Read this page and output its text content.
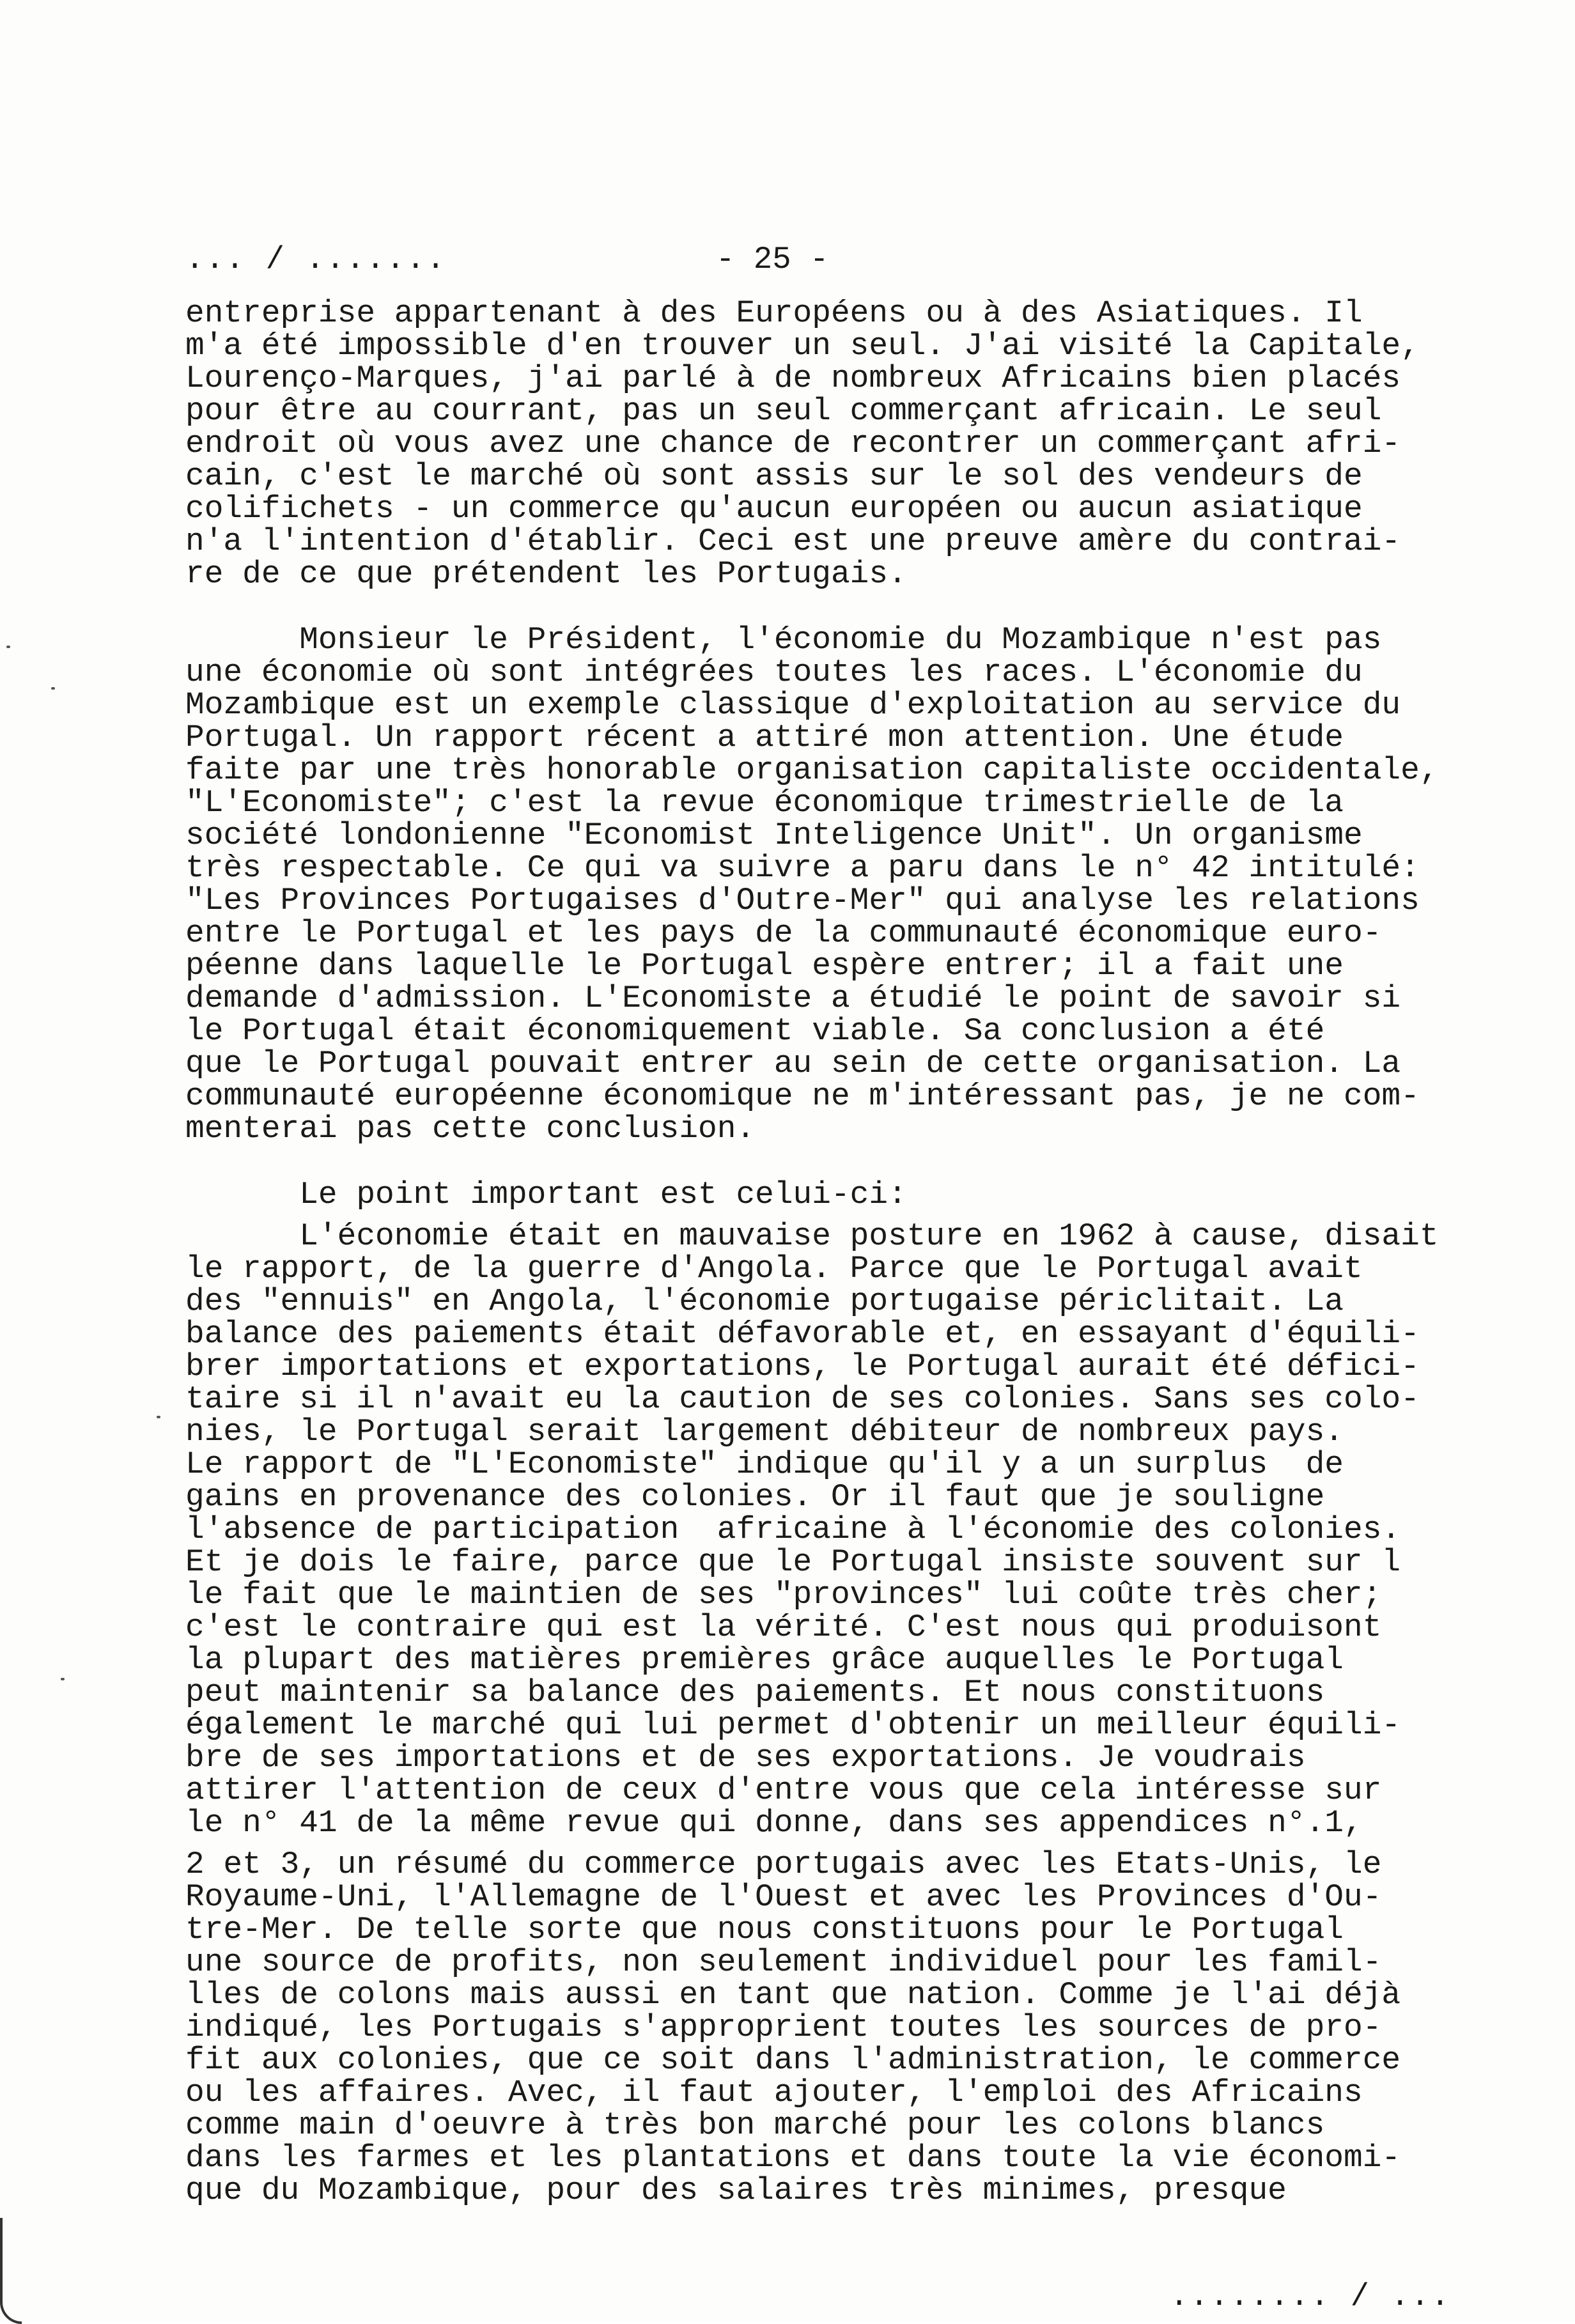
... / .......	- 25 -
entreprise appartenant à des Européens ou à des Asiatiques. Il
m'a été impossible d'en trouver un seul. J'ai visité la Capitale,
Lourenço-Marques, j'ai parlé à de nombreux Africains bien placés
pour être au courrant, pas un seul commerçant africain. Le seul
endroit où vous avez une chance de recontrer un commerçant afri-
cain, c'est le marché où sont assis sur le sol des vendeurs de
colifichets - un commerce qu'aucun européen ou aucun asiatique
n'a l'intention d'établir. Ceci est une preuve amère du contrai-
re de ce que prétendent les Portugais.
Monsieur le Président, l'économie du Mozambique n'est pas
une économie où sont intégrées toutes les races. L'économie du
Mozambique est un exemple classique d'exploitation au service du
Portugal. Un rapport récent a attiré mon attention. Une étude
faite par une très honorable organisation capitaliste occidentale,
"L'Economiste"; c'est la revue économique trimestrielle de la
société londonienne "Economist Inteligence Unit". Un organisme
très respectable. Ce qui va suivre a paru dans le n° 42 intitulé:
"Les Provinces Portugaises d'Outre-Mer" qui analyse les relations
entre le Portugal et les pays de la communauté économique euro-
péenne dans laquelle le Portugal espère entrer; il a fait une
demande d'admission. L'Economiste a étudié le point de savoir si
le Portugal était économiquement viable. Sa conclusion a été
que le Portugal pouvait entrer au sein de cette organisation. La
communauté européenne économique ne m'intéressant pas, je ne com-
menterai pas cette conclusion.
Le point important est celui-ci:
L'économie était en mauvaise posture en 1962 à cause, disait
le rapport, de la guerre d'Angola. Parce que le Portugal avait
des "ennuis" en Angola, l'économie portugaise périclitait. La
balance des paiements était défavorable et, en essayant d'équili-
brer importations et exportations, le Portugal aurait été défici-
taire si il n'avait eu la caution de ses colonies. Sans ses colo-
nies, le Portugal serait largement débiteur de nombreux pays.
Le rapport de "L'Economiste" indique qu'il y a un surplus  de
gains en provenance des colonies. Or il faut que je souligne
l'absence de participation  africaine à l'économie des colonies.
Et je dois le faire, parce que le Portugal insiste souvent sur l
le fait que le maintien de ses "provinces" lui coûte très cher;
c'est le contraire qui est la vérité. C'est nous qui produisont
la plupart des matières premières grâce auquelles le Portugal
peut maintenir sa balance des paiements. Et nous constituons
également le marché qui lui permet d'obtenir un meilleur équili-
bre de ses importations et de ses exportations. Je voudrais
attirer l'attention de ceux d'entre vous que cela intéresse sur
le n° 41 de la même revue qui donne, dans ses appendices n°.1,
2 et 3, un résumé du commerce portugais avec les Etats-Unis, le
Royaume-Uni, l'Allemagne de l'Ouest et avec les Provinces d'Ou-
tre-Mer. De telle sorte que nous constituons pour le Portugal
une source de profits, non seulement individuel pour les famil-
lles de colons mais aussi en tant que nation. Comme je l'ai déjà
indiqué, les Portugais s'approprient toutes les sources de pro-
fit aux colonies, que ce soit dans l'administration, le commerce
ou les affaires. Avec, il faut ajouter, l'emploi des Africains
comme main d'oeuvre à très bon marché pour les colons blancs
dans les farmes et les plantations et dans toute la vie économi-
que du Mozambique, pour des salaires très minimes, presque
........ / ...
